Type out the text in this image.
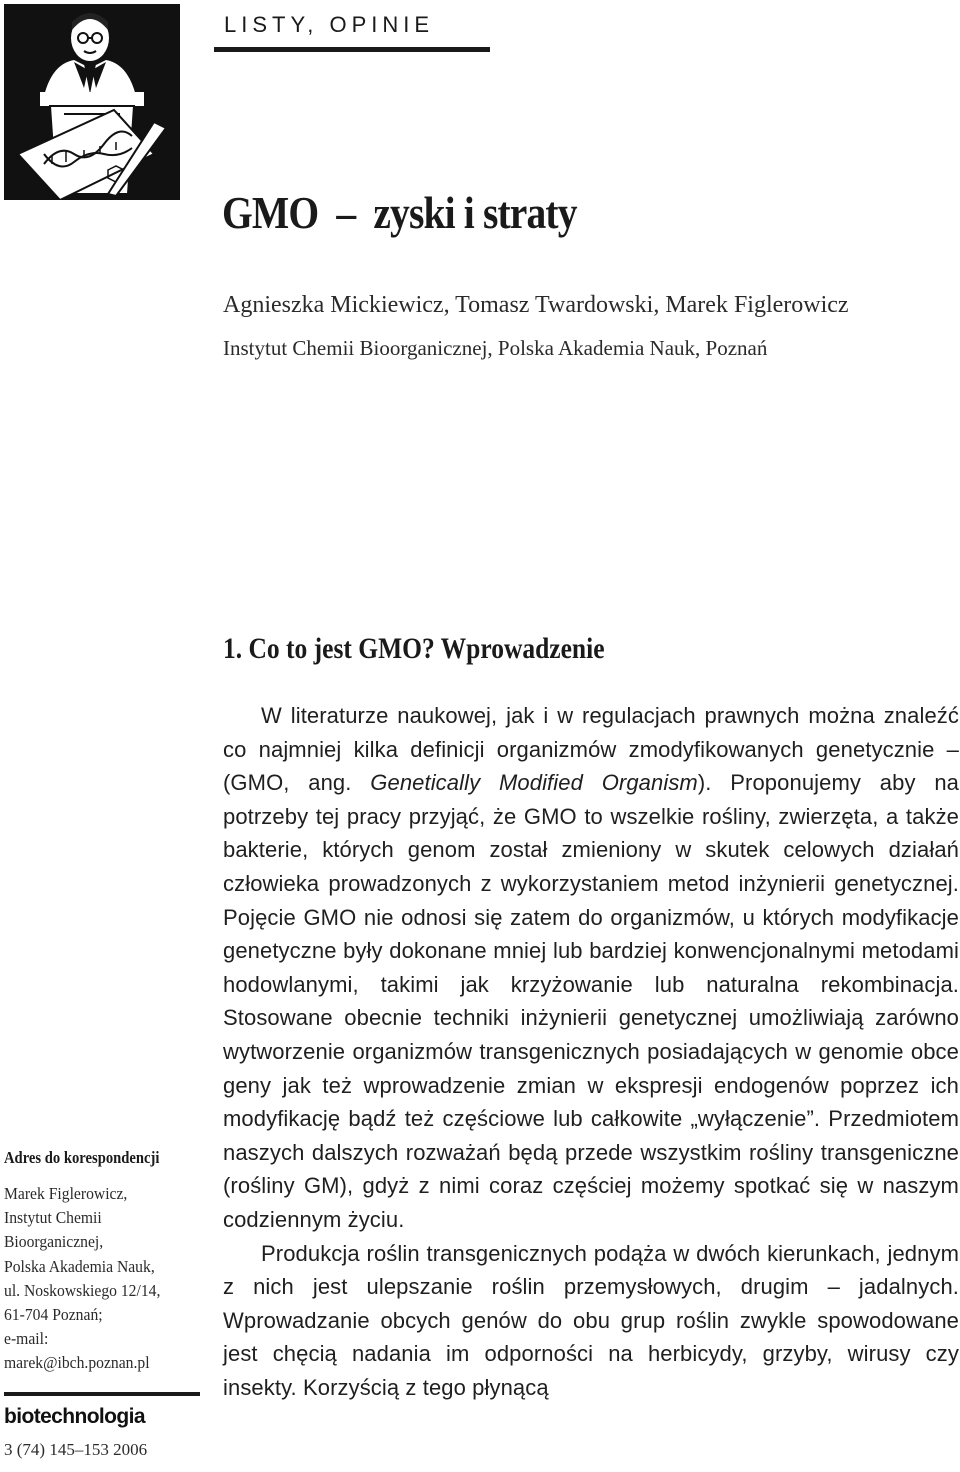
LISTY, OPINIE
GMO  –  zyski i straty
Agnieszka Mickiewicz, Tomasz Twardowski, Marek Figlerowicz
Instytut Chemii Bioorganicznej, Polska Akademia Nauk, Poznań
1. Co to jest GMO? Wprowadzenie

W literaturze naukowej, jak i w regulacjach prawnych można znaleźć co najmniej kilka definicji organizmów zmodyfikowanych genetycznie – (GMO, ang. Genetically Modified Organism). Proponujemy aby na potrzeby tej pracy przyjąć, że GMO to wszelkie rośliny, zwierzęta, a także bakterie, których genom został zmieniony w skutek celowych działań człowieka prowadzonych z wykorzystaniem metod inżynierii genetycznej. Pojęcie GMO nie odnosi się zatem do organizmów, u których modyfikacje genetyczne były dokonane mniej lub bardziej konwencjonalnymi metodami hodowlanymi, takimi jak krzyżowanie lub naturalna rekombinacja. Stosowane obecnie techniki inżynierii genetycznej umożliwiają zarówno wytworzenie organizmów transgenicznych posiadających w genomie obce geny jak też wprowadzenie zmian w ekspresji endogenów poprzez ich modyfikację bądź też częściowe lub całkowite „wyłączenie”. Przedmiotem naszych dalszych rozważań będą przede wszystkim rośliny transgeniczne (rośliny GM), gdyż z nimi coraz częściej możemy spotkać się w naszym codziennym życiu.

Produkcja roślin transgenicznych podąża w dwóch kierunkach, jednym z nich jest ulepszanie roślin przemysłowych, drugim – jadalnych. Wprowadzanie obcych genów do obu grup roślin zwykle spowodowane jest chęcią nadania im odporności na herbicydy, grzyby, wirusy czy insekty. Korzyścią z tego płynącą

Adres do korespondencji
Marek Figlerowicz,
Instytut Chemii
Bioorganicznej,
Polska Akademia Nauk,
ul. Noskowskiego 12/14,
61-704 Poznań;
e-mail:
marek@ibch.poznan.pl
biotechnologia
3 (74) 145–153 2006
